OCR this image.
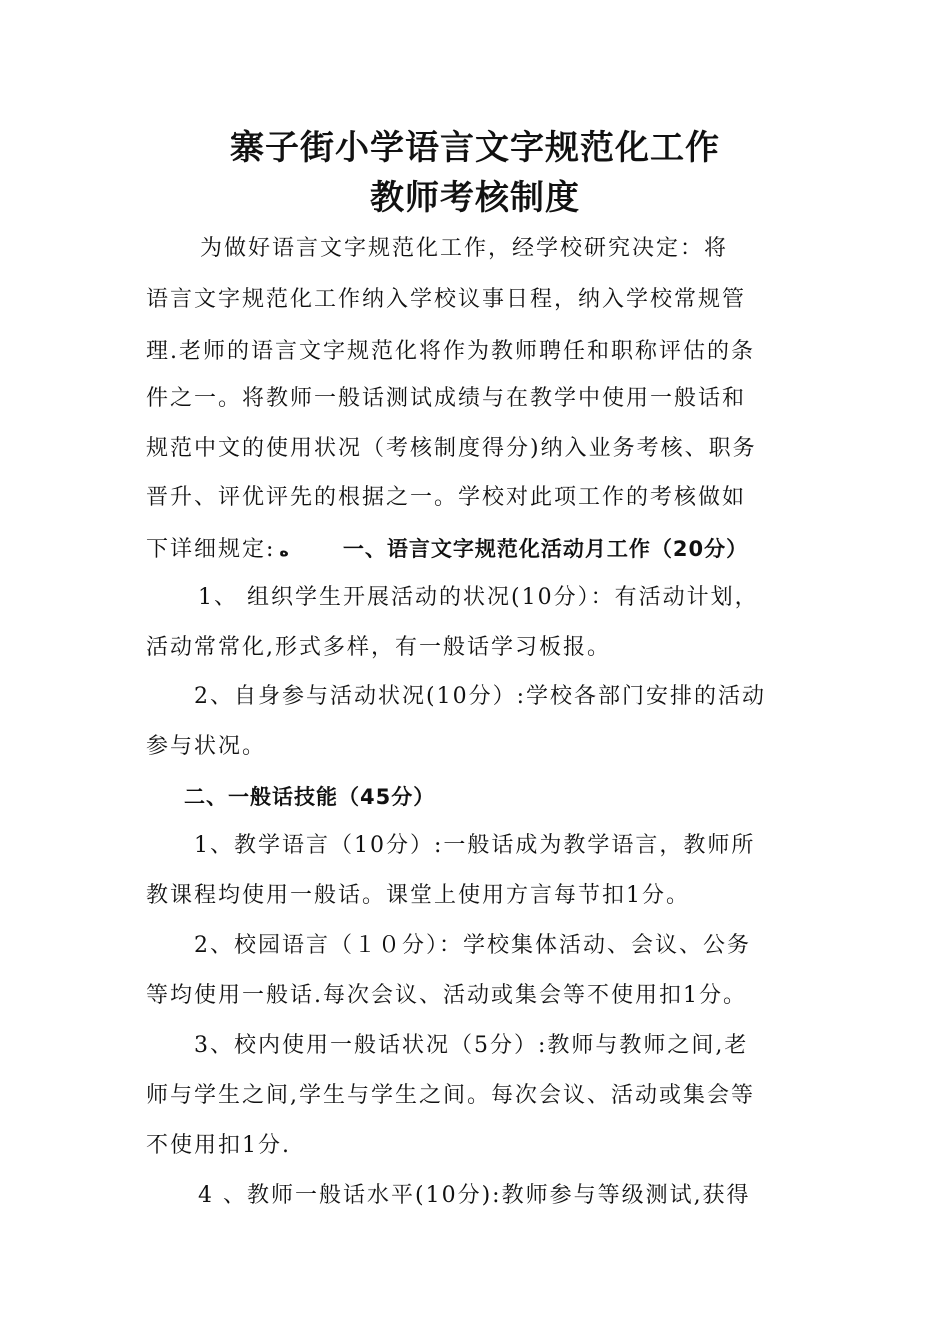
寨子街小学语言文字规范化工作
教师考核制度
为做好语言文字规范化工作，经学校研究决定：将
语言文字规范化工作纳入学校议事日程，纳入学校常规管
理.老师的语言文字规范化将作为教师聘任和职称评估的条
件之一。将教师一般话测试成绩与在教学中使用一般话和
规范中文的使用状况（考核制度得分)纳入业务考核、职务
晋升、评优评先的根据之一。学校对此项工作的考核做如
下详细规定: ه	一、语言文字规范化活动月工作（20分）
1、 组织学生开展活动的状况(10分）：有活动计划，
活动常常化,形式多样，有一般话学习板报。
2、自身参与活动状况(10分）:学校各部门安排的活动
参与状况。
二、一般话技能（45分）
1、教学语言（10分）:一般话成为教学语言，教师所
教课程均使用一般话。课堂上使用方言每节扣1分。
2、校园语言（１０分）：学校集体活动、会议、公务
等均使用一般话.每次会议、活动或集会等不使用扣1分。
3、校内使用一般话状况（5分）:教师与教师之间,老
师与学生之间,学生与学生之间。每次会议、活动或集会等
不使用扣1分.
4 、教师一般话水平(10分):教师参与等级测试,获得
